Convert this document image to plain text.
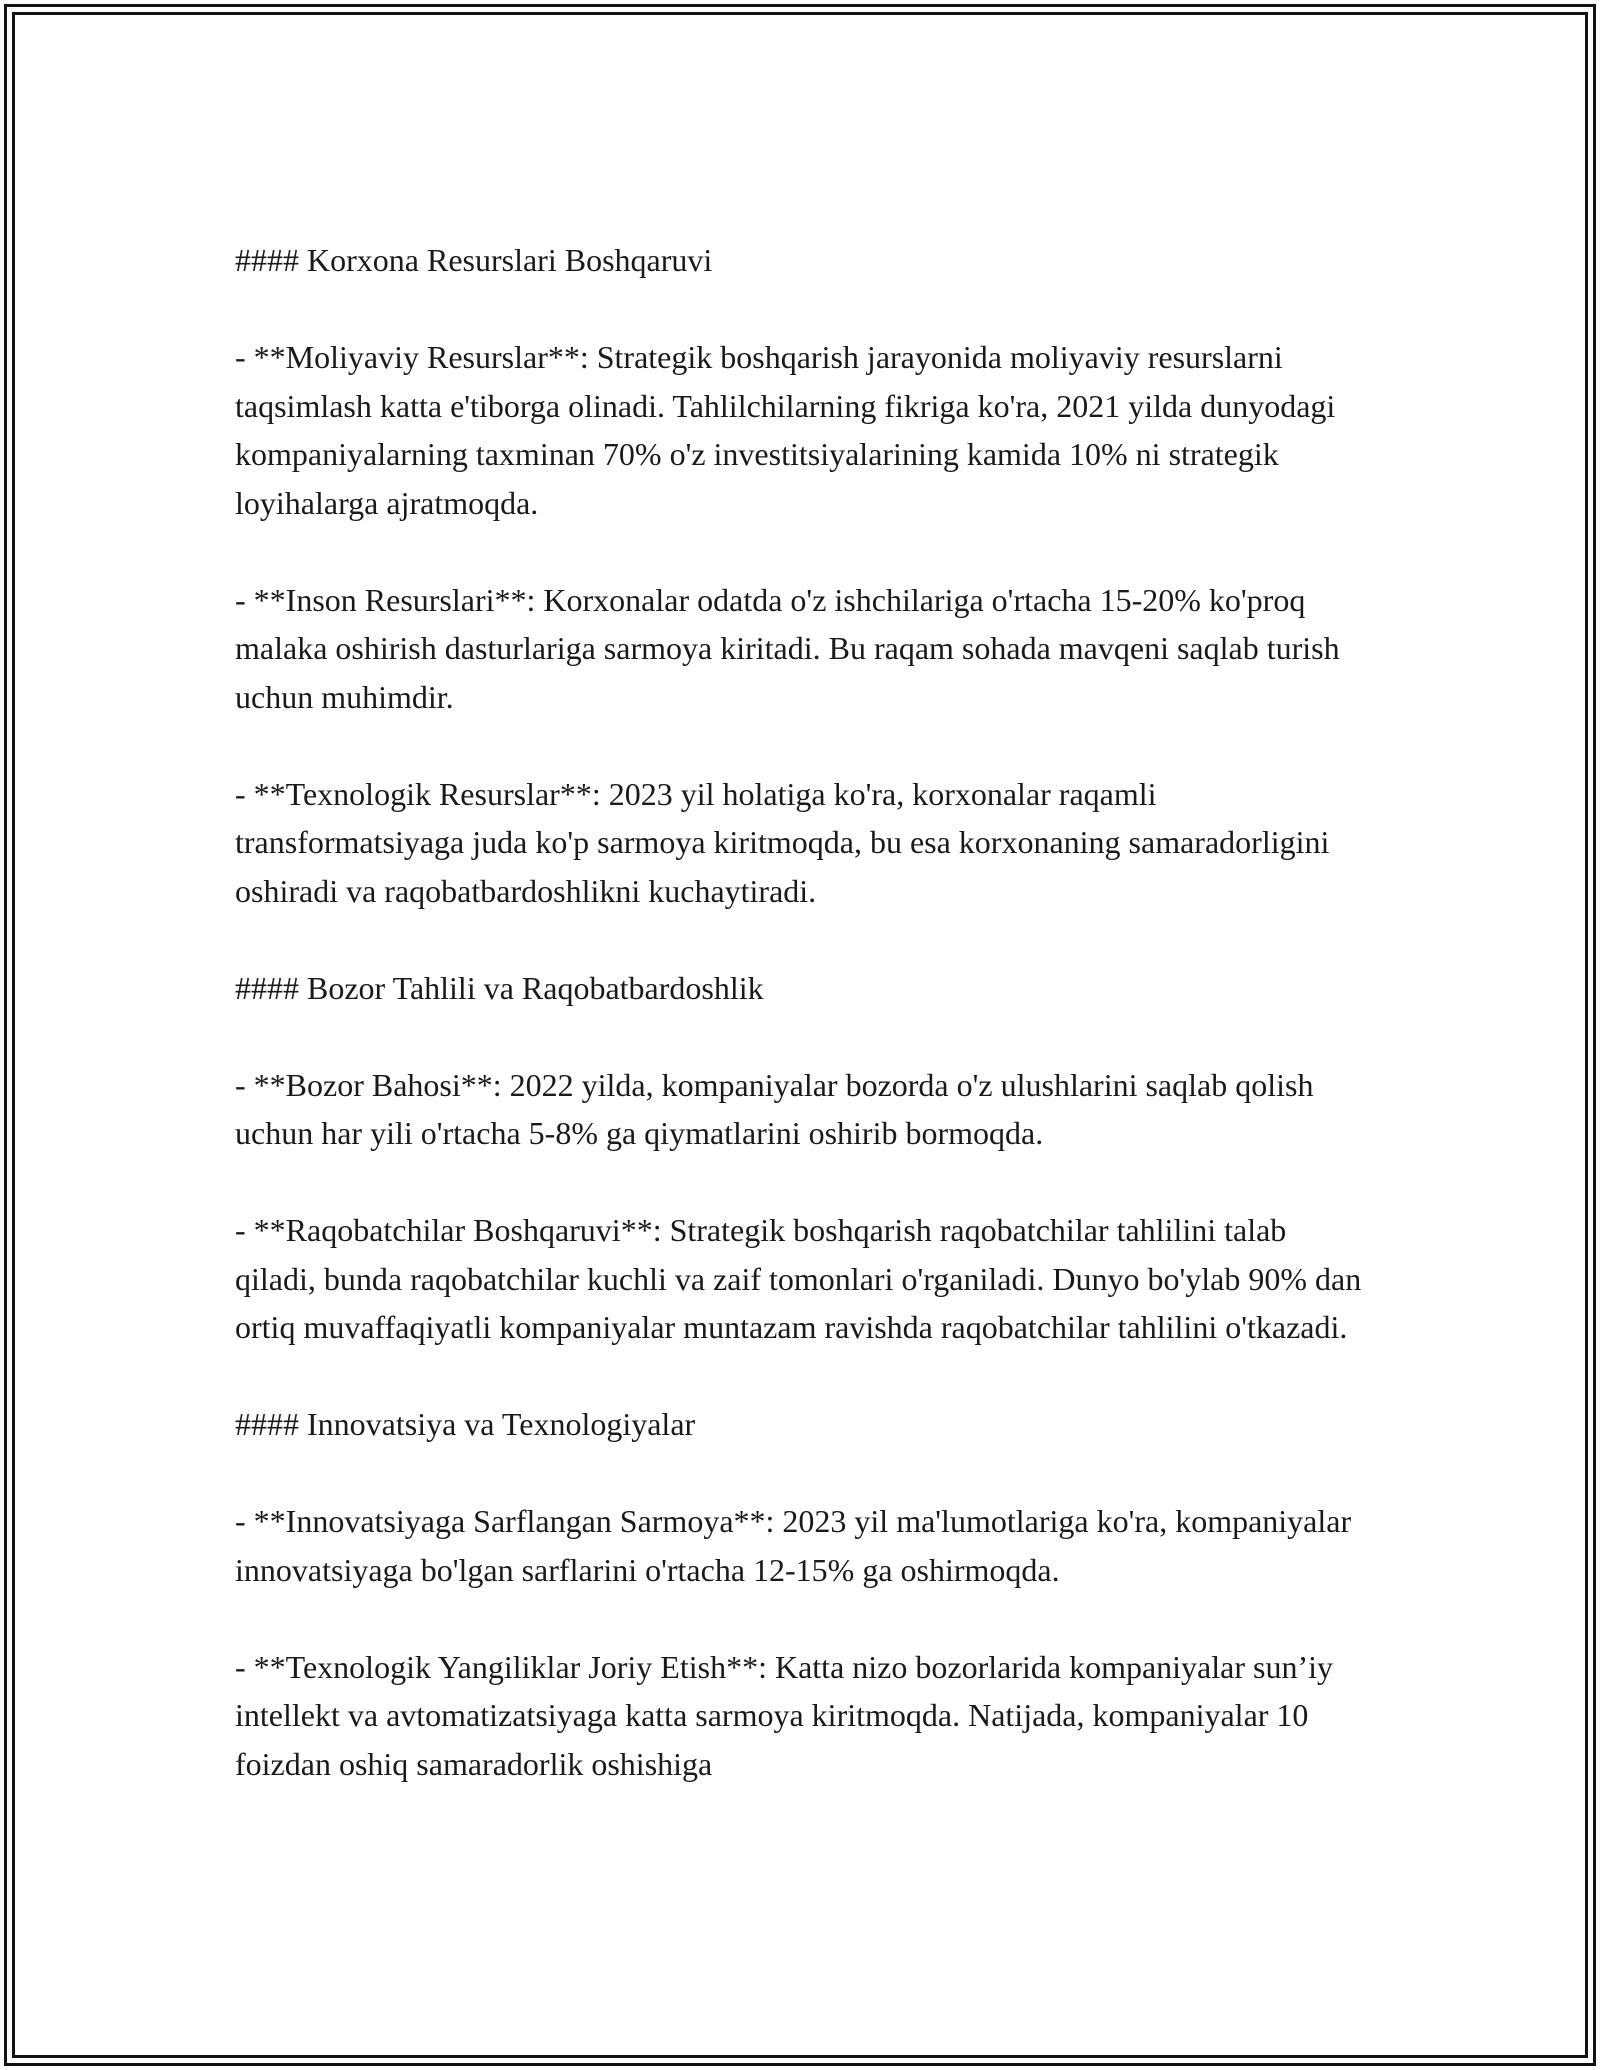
#### Korxona Resurslari Boshqaruvi

- **Moliyaviy Resurslar**: Strategik boshqarish jarayonida moliyaviy resurslarni taqsimlash katta e'tiborga olinadi. Tahlilchilarning fikriga ko'ra, 2021 yilda dunyodagi kompaniyalarning taxminan 70% o'z investitsiyalarining kamida 10% ni strategik loyihalarga ajratmoqda.

- **Inson Resurslari**: Korxonalar odatda o'z ishchilariga o'rtacha 15-20% ko'proq malaka oshirish dasturlariga sarmoya kiritadi. Bu raqam sohada mavqeni saqlab turish uchun muhimdir.

- **Texnologik Resurslar**: 2023 yil holatiga ko'ra, korxonalar raqamli transformatsiyaga juda ko'p sarmoya kiritmoqda, bu esa korxonaning samaradorligini oshiradi va raqobatbardoshlikni kuchaytiradi.

#### Bozor Tahlili va Raqobatbardoshlik

- **Bozor Bahosi**: 2022 yilda, kompaniyalar bozorda o'z ulushlarini saqlab qolish uchun har yili o'rtacha 5-8% ga qiymatlarini oshirib bormoqda.

- **Raqobatchilar Boshqaruvi**: Strategik boshqarish raqobatchilar tahlilini talab qiladi, bunda raqobatchilar kuchli va zaif tomonlari o'rganiladi. Dunyo bo'ylab 90% dan ortiq muvaffaqiyatli kompaniyalar muntazam ravishda raqobatchilar tahlilini o'tkazadi.

#### Innovatsiya va Texnologiyalar

- **Innovatsiyaga Sarflangan Sarmoya**: 2023 yil ma'lumotlariga ko'ra, kompaniyalar innovatsiyaga bo'lgan sarflarini o'rtacha 12-15% ga oshirmoqda.

- **Texnologik Yangiliklar Joriy Etish**: Katta nizo bozorlarida kompaniyalar sun’iy intellekt va avtomatizatsiyaga katta sarmoya kiritmoqda. Natijada, kompaniyalar 10 foizdan oshiq samaradorlik oshishiga
